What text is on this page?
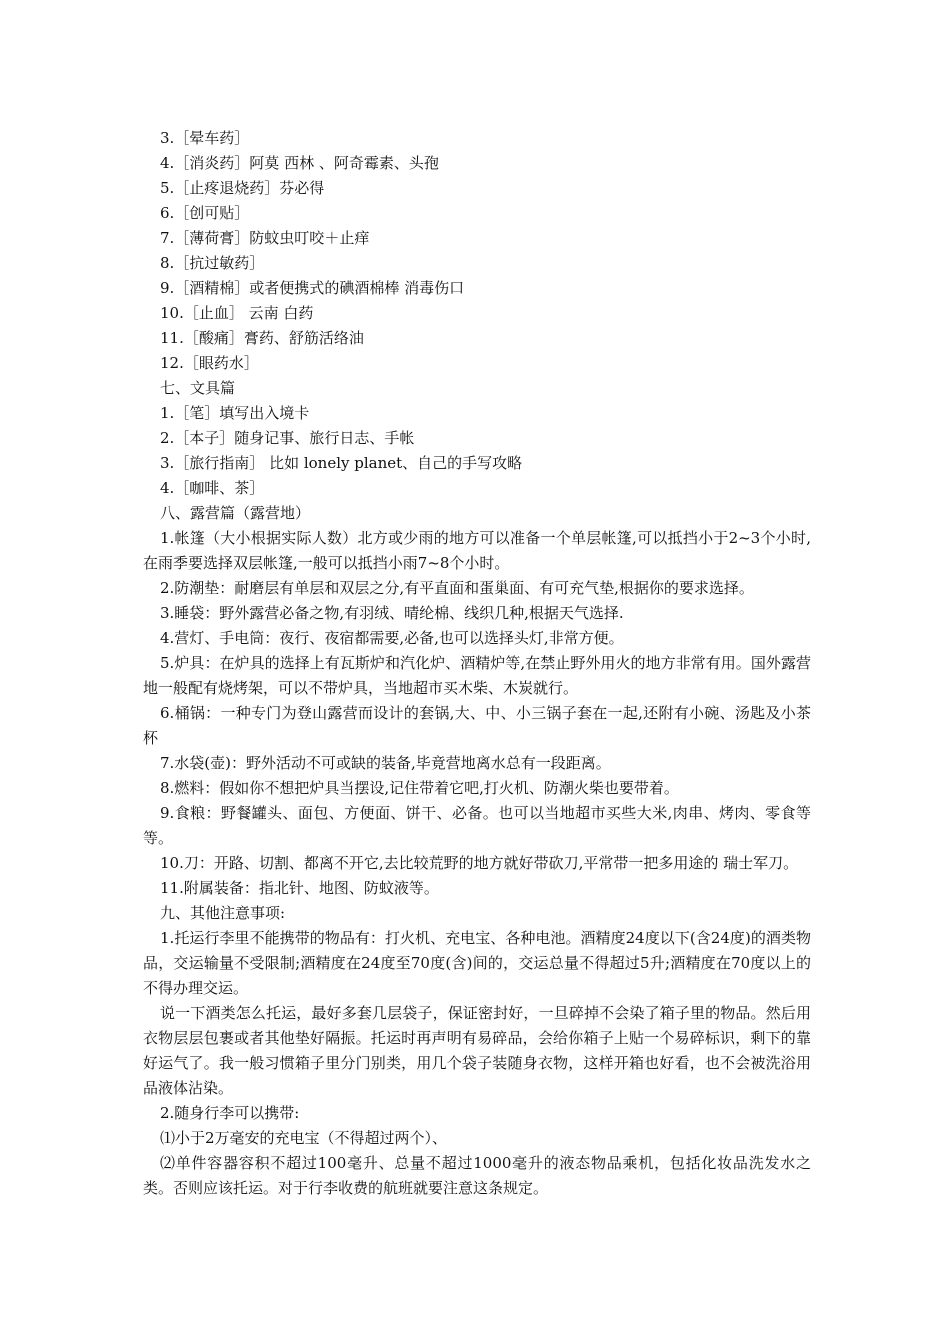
3.［晕车药］
4.［消炎药］阿莫 西林 、阿奇霉素、头孢
5.［止疼退烧药］芬必得
6.［创可贴］
7.［薄荷膏］防蚊虫叮咬＋止痒
8.［抗过敏药］
9.［酒精棉］或者便携式的碘酒棉棒 消毒伤口
10.［止血］ 云南 白药
11.［酸痛］膏药、舒筋活络油
12.［眼药水］
七、文具篇
1.［笔］填写出入境卡
2.［本子］随身记事、旅行日志、手帐
3.［旅行指南］ 比如 lonely planet、自己的手写攻略
4.［咖啡、茶］
八、露营篇（露营地）

1.帐篷（大小根据实际人数）北方或少雨的地方可以准备一个单层帐篷,可以抵挡小于2~3个小时,在雨季要选择双层帐篷,一般可以抵挡小雨7~8个小时。

2.防潮垫：耐磨层有单层和双层之分,有平直面和蛋巢面、有可充气垫,根据你的要求选择。

3.睡袋：野外露营必备之物,有羽绒、晴纶棉、线织几种,根据天气选择.

4.营灯、手电筒：夜行、夜宿都需要,必备,也可以选择头灯,非常方便。

5.炉具：在炉具的选择上有瓦斯炉和汽化炉、酒精炉等,在禁止野外用火的地方非常有用。国外露营地一般配有烧烤架，可以不带炉具，当地超市买木柴、木炭就行。

6.桶锅：一种专门为登山露营而设计的套锅,大、中、小三锅子套在一起,还附有小碗、汤匙及小茶杯

7.水袋(壶)：野外活动不可或缺的装备,毕竟营地离水总有一段距离。

8.燃料：假如你不想把炉具当摆设,记住带着它吧,打火机、防潮火柴也要带着。

9.食粮：野餐罐头、面包、方便面、饼干、必备。也可以当地超市买些大米,肉串、烤肉、零食等等。

10.刀：开路、切割、都离不开它,去比较荒野的地方就好带砍刀,平常带一把多用途的 瑞士军刀。

11.附属装备：指北针、地图、防蚊液等。

九、其他注意事项:

1.托运行李里不能携带的物品有：打火机、充电宝、各种电池。酒精度24度以下(含24度)的酒类物品，交运输量不受限制;酒精度在24度至70度(含)间的，交运总量不得超过5升;酒精度在70度以上的不得办理交运。

说一下酒类怎么托运，最好多套几层袋子，保证密封好，一旦碎掉不会染了箱子里的物品。然后用衣物层层包裹或者其他垫好隔振。托运时再声明有易碎品，会给你箱子上贴一个易碎标识，剩下的靠好运气了。我一般习惯箱子里分门别类，用几个袋子装随身衣物，这样开箱也好看，也不会被洗浴用品液体沾染。

2.随身行李可以携带:

⑴小于2万毫安的充电宝（不得超过两个）、

⑵单件容器容积不超过100毫升、总量不超过1000毫升的液态物品乘机，包括化妆品洗发水之类。否则应该托运。对于行李收费的航班就要注意这条规定。
